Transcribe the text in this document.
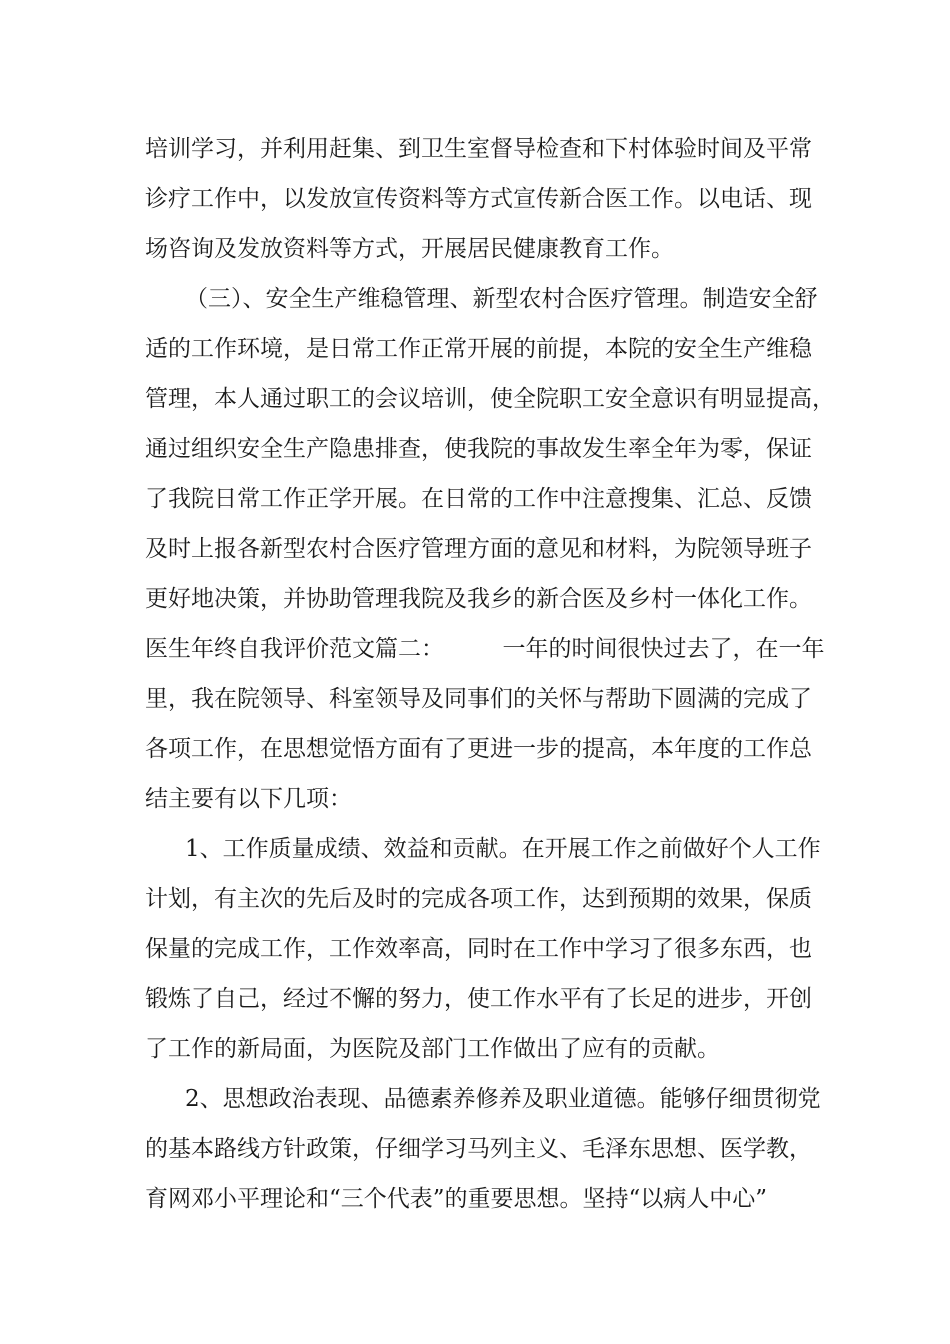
培训学习，并利用赶集、到卫生室督导检查和下村体验时间及平常
诊疗工作中，以发放宣传资料等方式宣传新合医工作。以电话、现
场咨询及发放资料等方式，开展居民健康教育工作。
（三）、安全生产维稳管理、新型农村合医疗管理。制造安全舒
适的工作环境，是日常工作正常开展的前提，本院的安全生产维稳
管理，本人通过职工的会议培训，使全院职工安全意识有明显提高，
通过组织安全生产隐患排查，使我院的事故发生率全年为零，保证
了我院日常工作正学开展。在日常的工作中注意搜集、汇总、反馈
及时上报各新型农村合医疗管理方面的意见和材料，为院领导班子
更好地决策，并协助管理我院及我乡的新合医及乡村一体化工作。
医生年终自我评价范文篇二：        一年的时间很快过去了，在一年
里，我在院领导、科室领导及同事们的关怀与帮助下圆满的完成了
各项工作，在思想觉悟方面有了更进一步的提高，本年度的工作总
结主要有以下几项：
1、工作质量成绩、效益和贡献。在开展工作之前做好个人工作
计划，有主次的先后及时的完成各项工作，达到预期的效果，保质
保量的完成工作，工作效率高，同时在工作中学习了很多东西，也
锻炼了自己，经过不懈的努力，使工作水平有了长足的进步，开创
了工作的新局面，为医院及部门工作做出了应有的贡献。
2、思想政治表现、品德素养修养及职业道德。能够仔细贯彻党
的基本路线方针政策，仔细学习马列主义、毛泽东思想、医学教，
育网邓小平理论和“三个代表”的重要思想。坚持“以病人中心”
